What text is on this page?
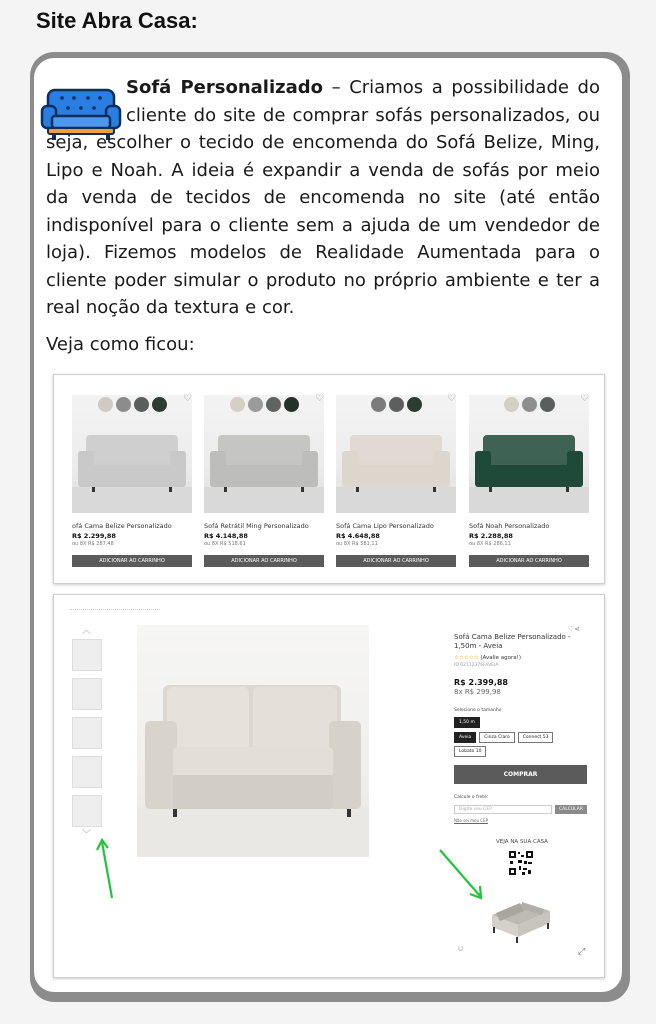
Site Abra Casa:

Sofá Personalizado – Criamos a possibilidade do cliente do site de comprar sofás personalizados, ou seja, escolher o tecido de encomenda do Sofá Belize, Ming, Lipo e Noah. A ideia é expandir a venda de sofás por meio da venda de tecidos de encomenda no site (até então indisponível para o cliente sem a ajuda de um vendedor de loja). Fizemos modelos de Realidade Aumentada para o cliente poder simular o produto no próprio ambiente e ter a real noção da textura e cor.

Veja como ficou:
♡
ofá Cama Belize Personalizado
R$ 2.299,88
ou 8X R$ 287,48
ADICIONAR AO CARRINHO
♡
Sofá Retrátil Ming Personalizado
R$ 4.148,88
ou 8X R$ 518,61
ADICIONAR AO CARRINHO
♡
Sofá Cama Lipo Personalizado
R$ 4.648,88
ou 8X R$ 581,11
ADICIONAR AO CARRINHO
♡
Sofá Noah Personalizado
R$ 2.288,88
ou 8X R$ 286,11
ADICIONAR AO CARRINHO
︿
﹀
Sofá Cama Belize Personalizado - 1,50m - Aveia
☆☆☆☆☆ (Avalie agora!)
ID 02112376FAVEIA
R$ 2.399,88
8x R$ 299,98
Selecione o tamanho
1,50 m
Aveia	Cinza Claro	Connect 53
Lobato 10
♡⋖
COMPRAR
Calcule o frete:
Digite seu CEP	CALCULAR
Não sei meu CEP
VEJA NA SUA CASA
U	⤢
